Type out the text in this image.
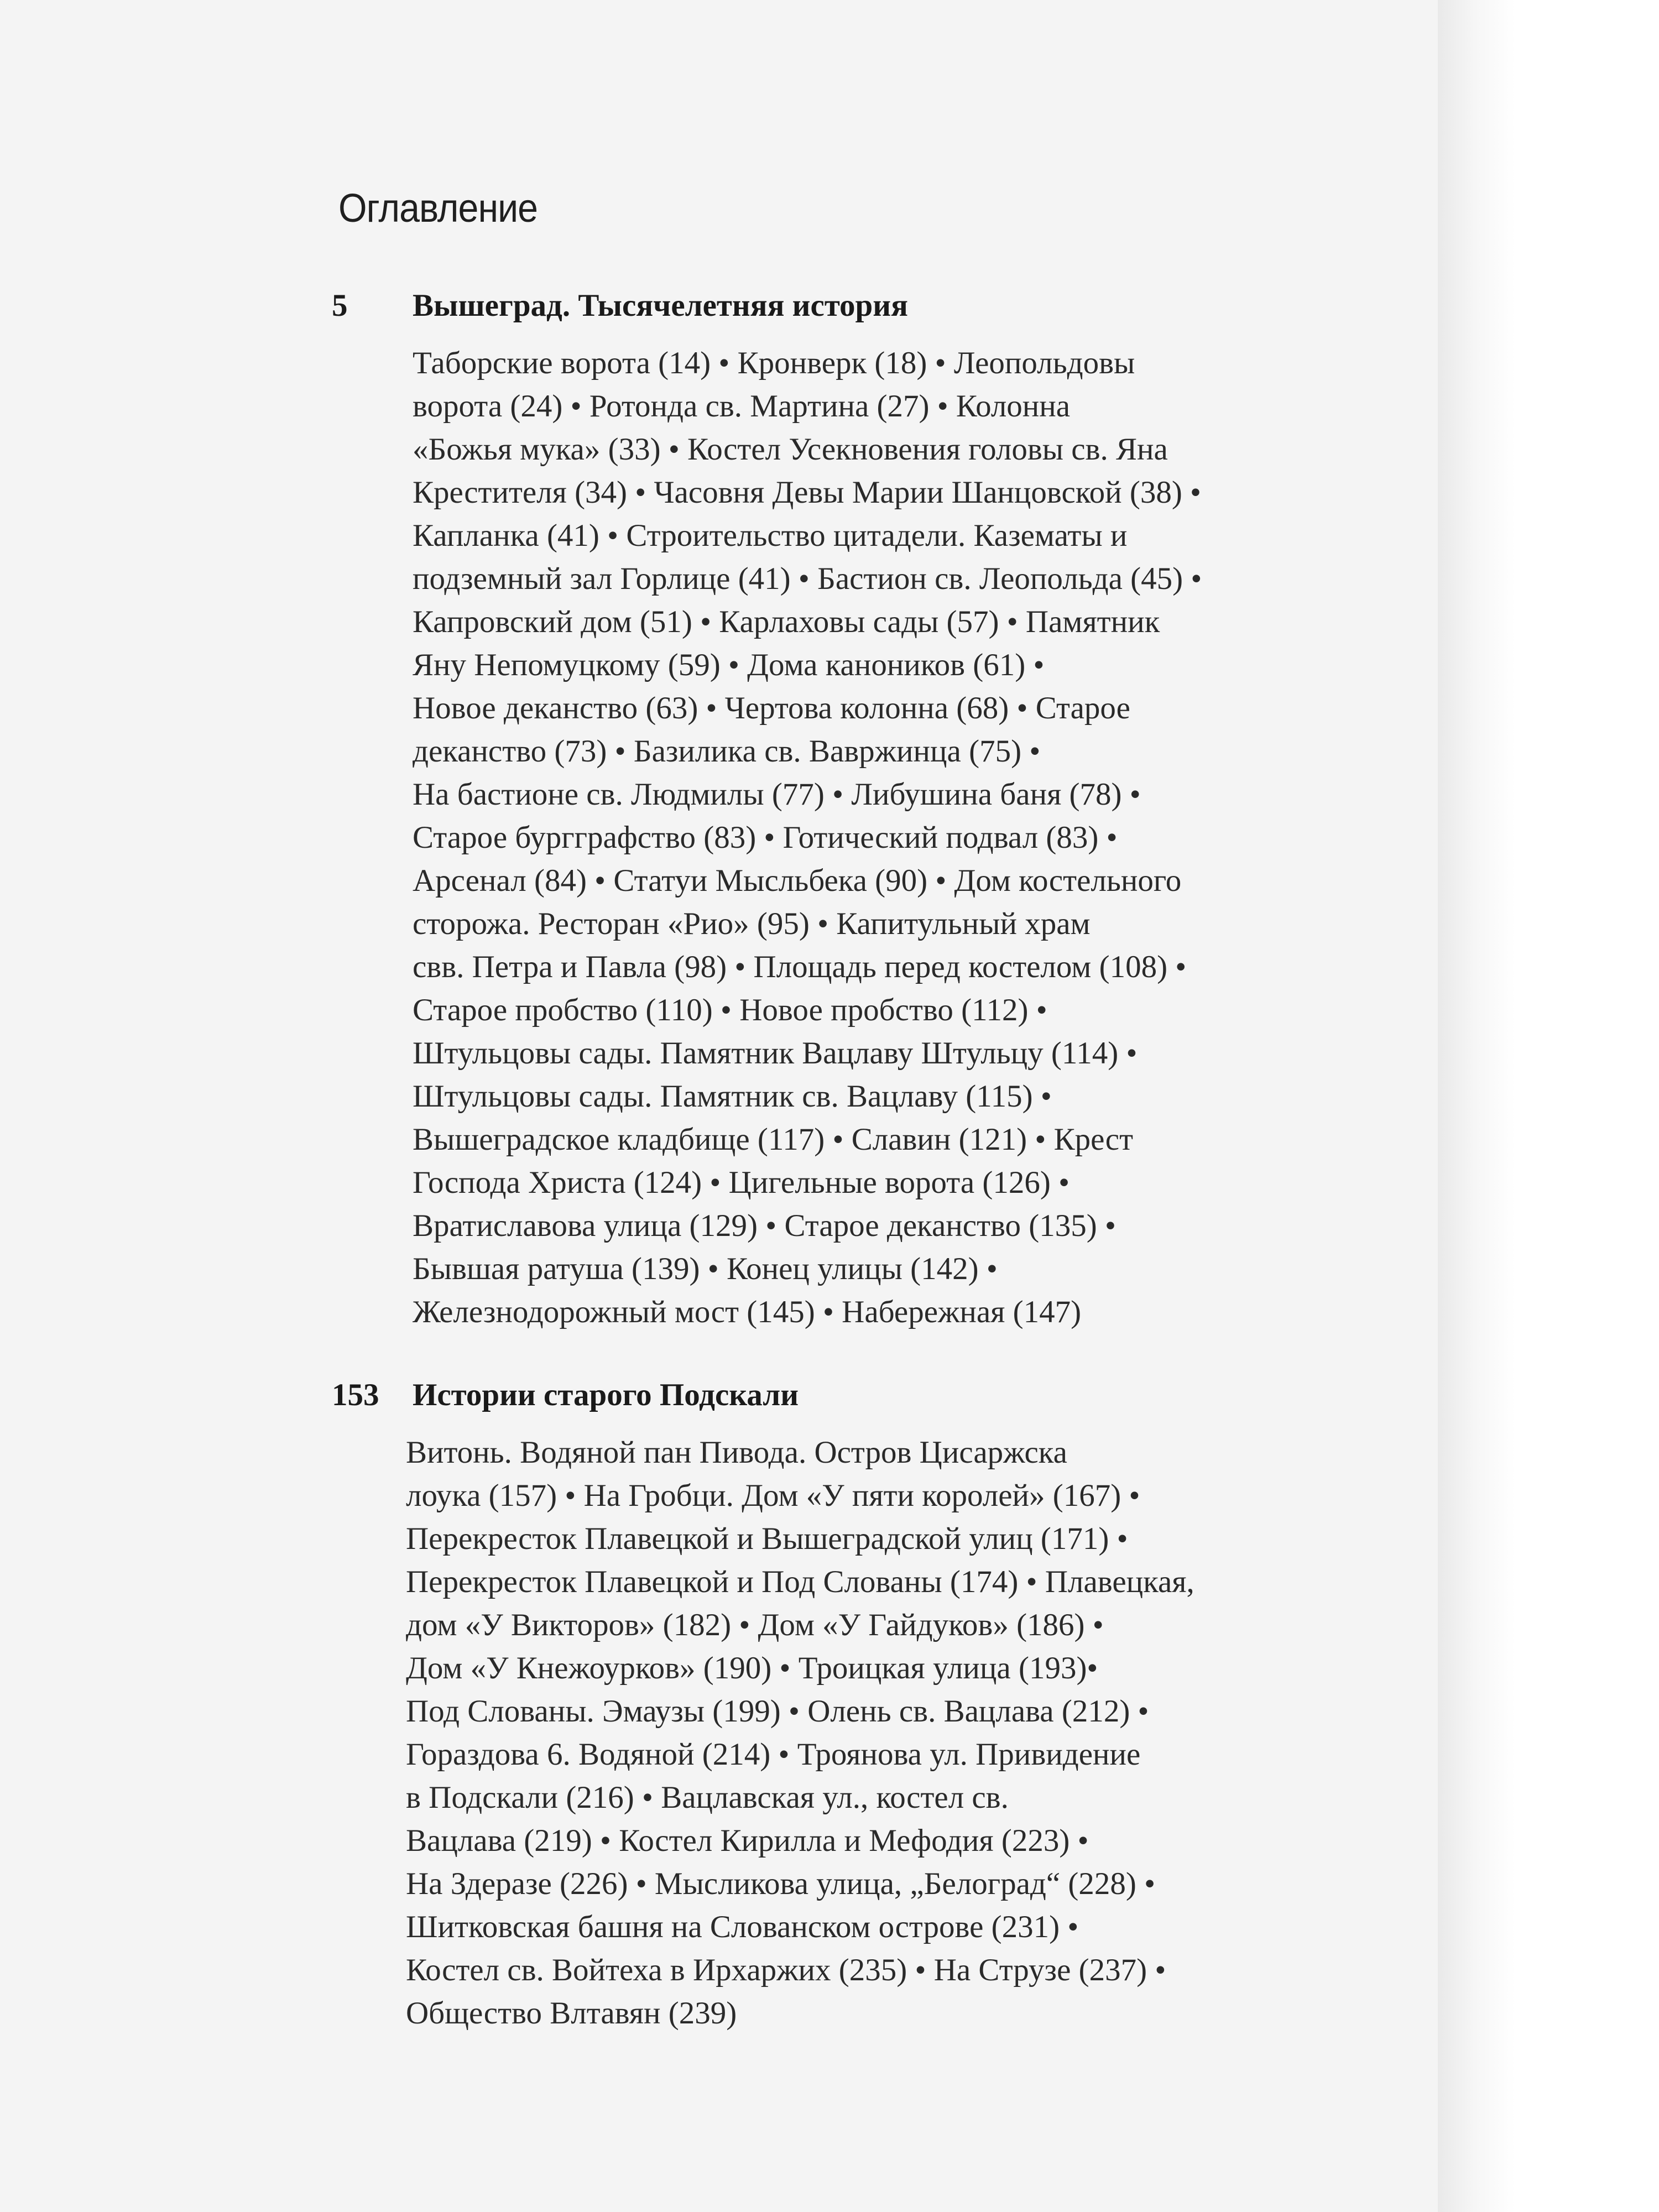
Оглавление
5	Вышеград. Тысячелетняя история
Таборские ворота (14) • Кронверк (18) • Леопольдовы
ворота (24) • Ротонда св. Мартина (27) • Колонна
«Божья мука» (33) • Костел Усекновения головы св. Яна
Крестителя (34) • Часовня Девы Марии Шанцовской (38) •
Капланка (41) • Строительство цитадели. Казематы и
подземный зал Горлице (41) • Бастион св. Леопольда (45) •
Капровский дом (51) • Карлаховы сады (57) • Памятник
Яну Непомуцкому (59) • Дома каноников (61) •
Новое деканство (63) • Чертова колонна (68) • Старое
деканство (73) • Базилика св. Вавржинца (75) •
На бастионе св. Людмилы (77) • Либушина баня (78) •
Старое бургграфство (83) • Готический подвал (83) •
Арсенал (84) • Статуи Мысльбека (90) • Дом костельного
сторожа. Ресторан «Рио» (95) • Капитульный храм
свв. Петра и Павла (98) • Площадь перед костелом (108) •
Старое пробство (110) • Новое пробство (112) •
Штульцовы сады. Памятник Вацлаву Штульцу (114) •
Штульцовы сады. Памятник св. Вацлаву (115) •
Вышеградское кладбище (117) • Славин (121) • Крест
Господа Христа (124) • Цигельные ворота (126) •
Вратиславова улица (129) • Старое деканство (135) •
Бывшая ратуша (139) • Конец улицы (142) •
Железнодорожный мост (145) • Набережная (147)
153	Истории старого Подскали
Витонь. Водяной пан Пивода. Остров Цисаржска
лоука (157) • На Гробци. Дом «У пяти королей» (167) •
Перекресток Плавецкой и Вышеградской улиц (171) •
Перекресток Плавецкой и Под Слованы (174) • Плавецкая,
дом «У Викторов» (182) • Дом «У Гайдуков» (186) •
Дом «У Кнежоурков» (190) • Троицкая улица (193)•
Под Слованы. Эмаузы (199) • Олень св. Вацлава (212) •
Гораздова 6. Водяной (214) • Троянова ул. Привидение
в Подскали (216) • Вацлавская ул., костел св.
Вацлава (219) • Костел Кирилла и Мефодия (223) •
На Здеразе (226) • Мысликова улица, „Белоград“ (228) •
Шитковская башня на Слованском острове (231) •
Костел св. Войтеха в Ирхаржих (235) • На Струзе (237) •
Общество Влтавян (239)
